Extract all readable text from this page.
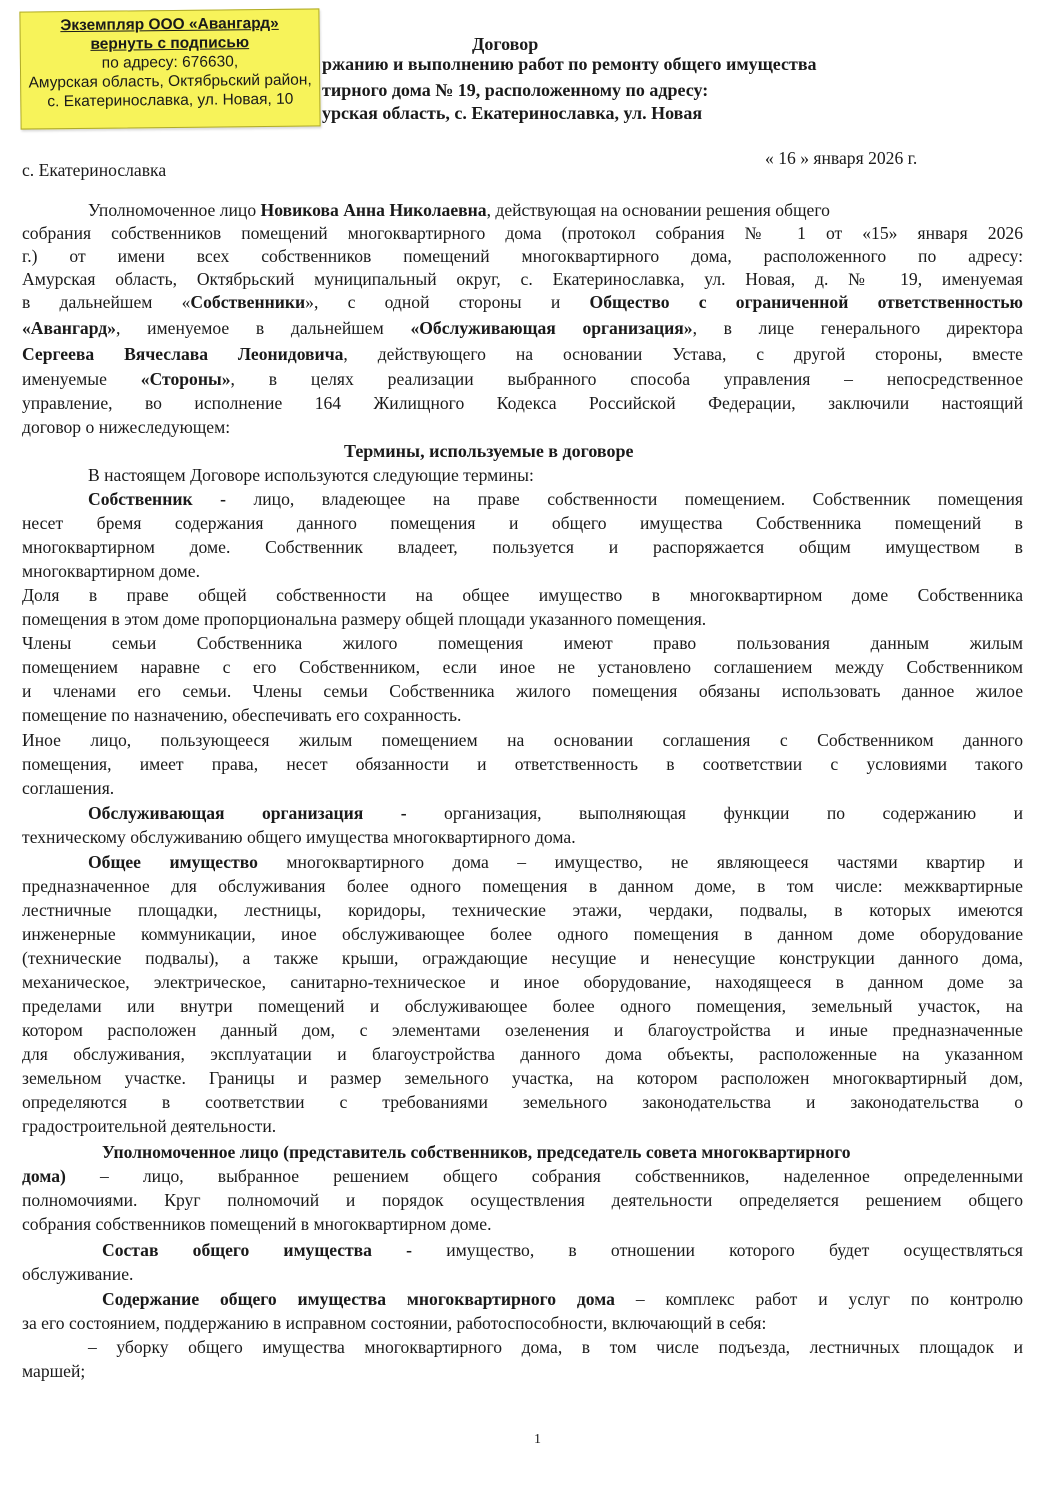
Экземпляр ООО «Авангард»
вернуть с подписью
по адресу: 676630,
Амурская область, Октябрьский район,
с. Екатеринославка, ул. Новая, 10
Договор
ржанию и выполнению работ по ремонту общего имущества
тирного дома № 19, расположенному по адресу:
урская область, с. Екатеринославка, ул. Новая
с. Екатеринославка
« 16 » января 2026 г.
Уполномоченное лицо Новикова Анна Николаевна, действующая на основании решения общего
собрания собственников помещений многоквартирного дома (протокол собрания № 1 от «15» января 2026
г.) от имени всех собственников помещений многоквартирного дома, расположенного по адресу:
Амурская область, Октябрьский муниципальный округ, с. Екатеринославка, ул. Новая, д. № 19, именуемая
в дальнейшем «Собственники», с одной стороны и Общество с ограниченной ответственностью
«Авангард», именуемое в дальнейшем «Обслуживающая организация», в лице генерального директора
Сергеева Вячеслава Леонидовича, действующего на основании Устава, с другой стороны, вместе
именуемые «Стороны», в целях реализации выбранного способа управления – непосредственное
управление, во исполнение 164 Жилищного Кодекса Российской Федерации, заключили настоящий
договор о нижеследующем:
Термины, используемые в договоре
В настоящем Договоре используются следующие термины:
Собственник - лицо, владеющее на праве собственности помещением. Собственник помещения
несет бремя содержания данного помещения и общего имущества Собственника помещений в
многоквартирном доме. Собственник владеет, пользуется и распоряжается общим имуществом в
многоквартирном доме.
Доля в праве общей собственности на общее имущество в многоквартирном доме Собственника
помещения в этом доме пропорциональна размеру общей площади указанного помещения.
Члены семьи Собственника жилого помещения имеют право пользования данным жилым
помещением наравне с его Собственником, если иное не установлено соглашением между Собственником
и членами его семьи. Члены семьи Собственника жилого помещения обязаны использовать данное жилое
помещение по назначению, обеспечивать его сохранность.
Иное лицо, пользующееся жилым помещением на основании соглашения с Собственником данного
помещения, имеет права, несет обязанности и ответственность в соответствии с условиями такого
соглашения.
Обслуживающая организация - организация, выполняющая функции по содержанию и
техническому обслуживанию общего имущества многоквартирного дома.
Общее имущество многоквартирного дома – имущество, не являющееся частями квартир и
предназначенное для обслуживания более одного помещения в данном доме, в том числе: межквартирные
лестничные площадки, лестницы, коридоры, технические этажи, чердаки, подвалы, в которых имеются
инженерные коммуникации, иное обслуживающее более одного помещения в данном доме оборудование
(технические подвалы), а также крыши, ограждающие несущие и ненесущие конструкции данного дома,
механическое, электрическое, санитарно-техническое и иное оборудование, находящееся в данном доме за
пределами или внутри помещений и обслуживающее более одного помещения, земельный участок, на
котором расположен данный дом, с элементами озеленения и благоустройства и иные предназначенные
для обслуживания, эксплуатации и благоустройства данного дома объекты, расположенные на указанном
земельном участке. Границы и размер земельного участка, на котором расположен многоквартирный дом,
определяются в соответствии с требованиями земельного законодательства и законодательства о
градостроительной деятельности.
Уполномоченное лицо (представитель собственников, председатель совета многоквартирного
дома) – лицо, выбранное решением общего собрания собственников, наделенное определенными
полномочиями. Круг полномочий и порядок осуществления деятельности определяется решением общего
собрания собственников помещений в многоквартирном доме.
Состав общего имущества - имущество, в отношении которого будет осуществляться
обслуживание.
Содержание общего имущества многоквартирного дома – комплекс работ и услуг по контролю
за его состоянием, поддержанию в исправном состоянии, работоспособности, включающий в себя:
– уборку общего имущества многоквартирного дома, в том числе подъезда, лестничных площадок и
маршей;
1
